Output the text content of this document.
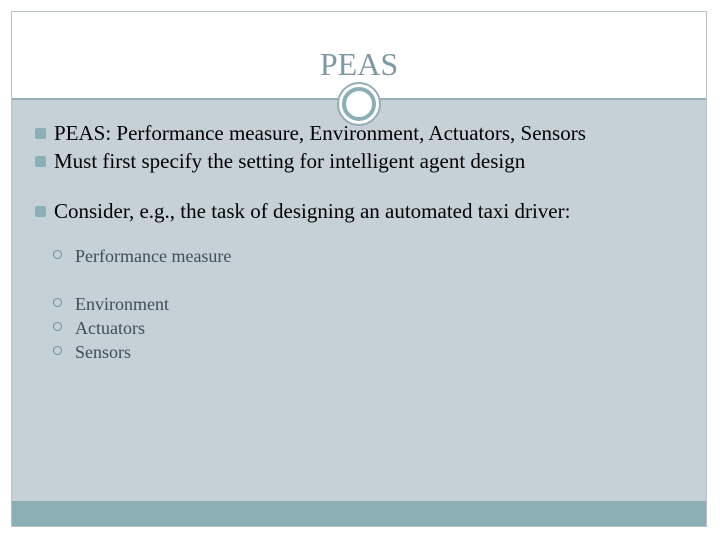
PEAS
PEAS: Performance measure, Environment, Actuators, Sensors
Must first specify the setting for intelligent agent design
Consider, e.g., the task of designing an automated taxi driver:
Performance measure
Environment
Actuators
Sensors
